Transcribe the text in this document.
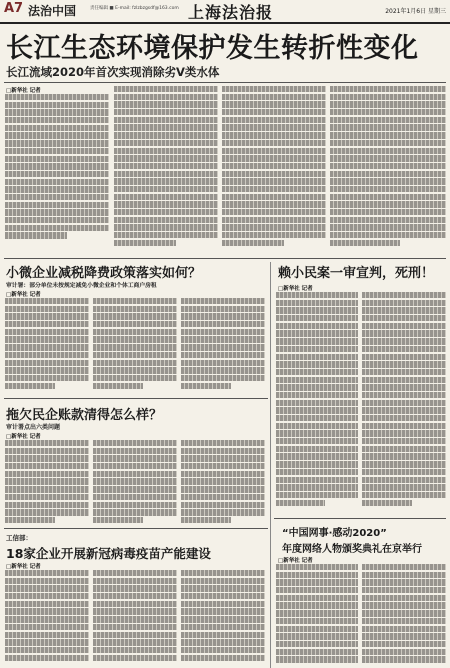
A7 法治中国	责任编辑 ■ E-mail: fzlzbzgsdf@163.com 上海法治报	2021年1月6日 星期三
长江生态环境保护发生转折性变化
长江流域2020年首次实现消除劣Ⅴ类水体
□新华社 记者
小微企业减税降费政策落实如何？
审计署：部分单位未按规定减免小微企业和个体工商户房租
□新华社 记者
赖小民案一审宣判，死刑！
□新华社 记者
拖欠民企账款清得怎么样？
审计署点出六类问题
□新华社 记者
工信部：
18家企业开展新冠病毒疫苗产能建设
□新华社 记者
“中国网事·感动2020”
年度网络人物颁奖典礼在京举行
□新华社 记者
